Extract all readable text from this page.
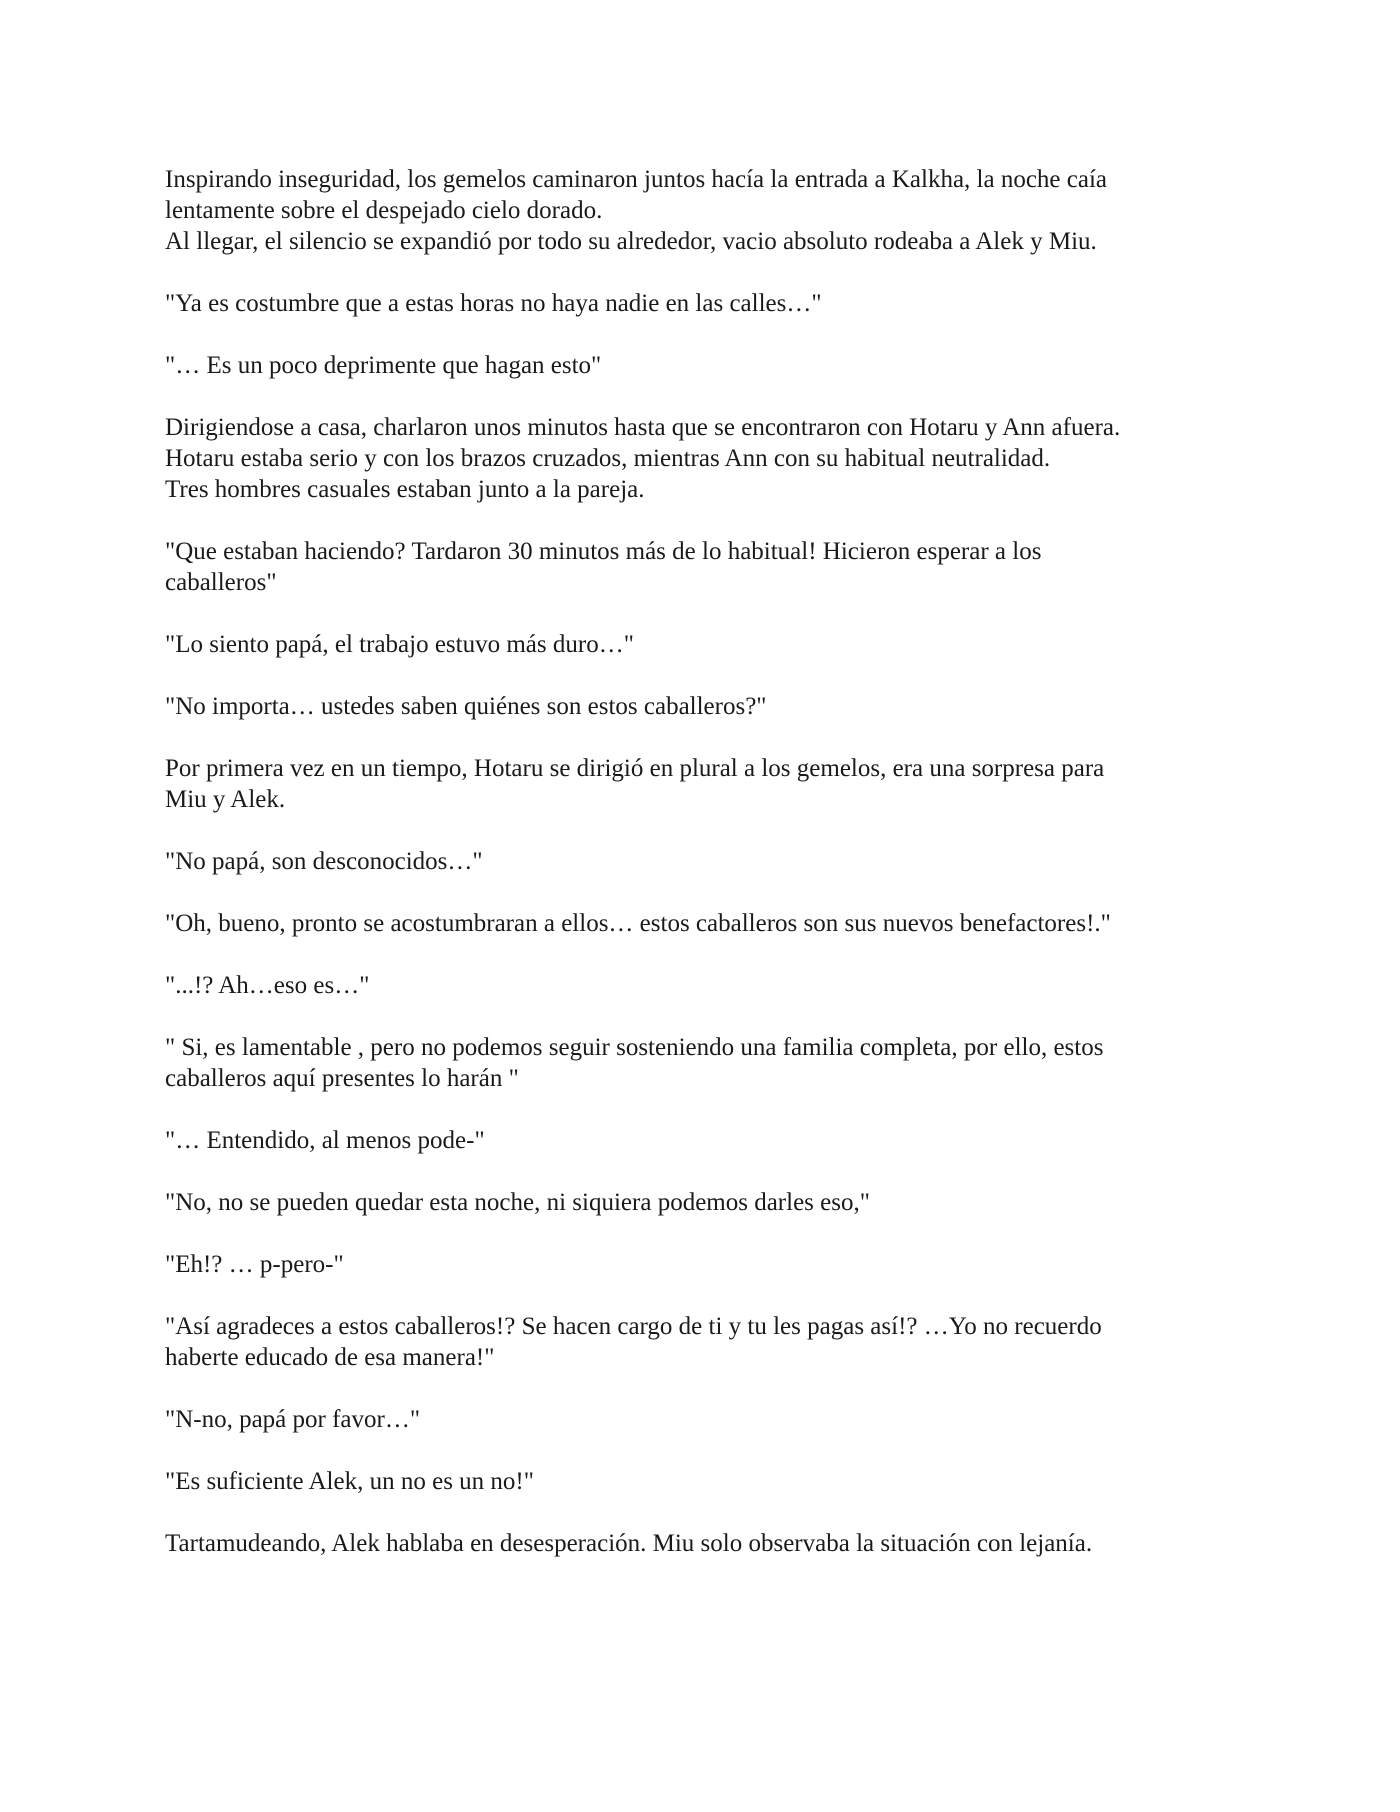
Inspirando inseguridad, los gemelos caminaron juntos hacía la entrada a Kalkha, la noche caía
lentamente sobre el despejado cielo dorado.
Al llegar, el silencio se expandió por todo su alrededor, vacio absoluto rodeaba a Alek y Miu.

"Ya es costumbre que a estas horas no haya nadie en las calles…"

"… Es un poco deprimente que hagan esto"

Dirigiendose a casa, charlaron unos minutos hasta que se encontraron con Hotaru y Ann afuera.
Hotaru estaba serio y con los brazos cruzados, mientras Ann con su habitual neutralidad.
Tres hombres casuales estaban junto a la pareja.

"Que estaban haciendo? Tardaron 30 minutos más de lo habitual! Hicieron esperar a los
caballeros"

"Lo siento papá, el trabajo estuvo más duro…"

"No importa… ustedes saben quiénes son estos caballeros?"

Por primera vez en un tiempo, Hotaru se dirigió en plural a los gemelos, era una sorpresa para
Miu y Alek.

"No papá, son desconocidos…"

"Oh, bueno, pronto se acostumbraran a ellos… estos caballeros son sus nuevos benefactores!."

"...!? Ah…eso es…"

" Si, es lamentable , pero no podemos seguir sosteniendo una familia completa, por ello, estos
caballeros aquí presentes lo harán "

"… Entendido, al menos pode-"

"No, no se pueden quedar esta noche, ni siquiera podemos darles eso,"

"Eh!? … p-pero-"

"Así agradeces a estos caballeros!? Se hacen cargo de ti y tu les pagas así!? …Yo no recuerdo
haberte educado de esa manera!"

"N-no, papá por favor…"

"Es suficiente Alek, un no es un no!"

Tartamudeando, Alek hablaba en desesperación. Miu solo observaba la situación con lejanía.
